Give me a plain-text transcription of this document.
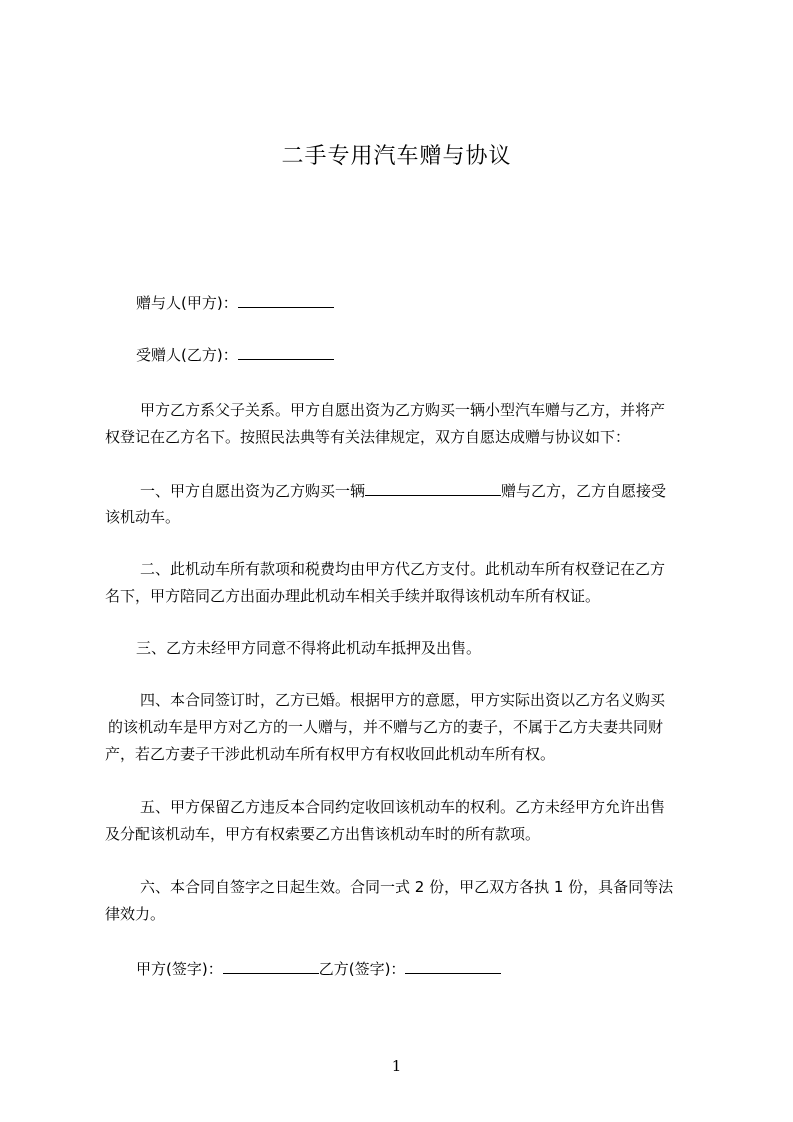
二手专用汽车赠与协议
赠与人(甲方)：
受赠人(乙方)：
甲方乙方系父子关系。甲方自愿出资为乙方购买一辆小型汽车赠与乙方，并将产
权登记在乙方名下。按照民法典等有关法律规定，双方自愿达成赠与协议如下：
一、甲方自愿出资为乙方购买一辆	赠与乙方，乙方自愿接受
该机动车。
二、此机动车所有款项和税费均由甲方代乙方支付。此机动车所有权登记在乙方
名下，甲方陪同乙方出面办理此机动车相关手续并取得该机动车所有权证。
三、乙方未经甲方同意不得将此机动车抵押及出售。
四、本合同签订时，乙方已婚。根据甲方的意愿，甲方实际出资以乙方名义购买
的该机动车是甲方对乙方的一人赠与，并不赠与乙方的妻子，不属于乙方夫妻共同财
产，若乙方妻子干涉此机动车所有权甲方有权收回此机动车所有权。
五、甲方保留乙方违反本合同约定收回该机动车的权利。乙方未经甲方允许出售
及分配该机动车，甲方有权索要乙方出售该机动车时的所有款项。
六、本合同自签字之日起生效。合同一式 2 份，甲乙双方各执 1 份，具备同等法
律效力。
甲方(签字)：	乙方(签字)：
1
